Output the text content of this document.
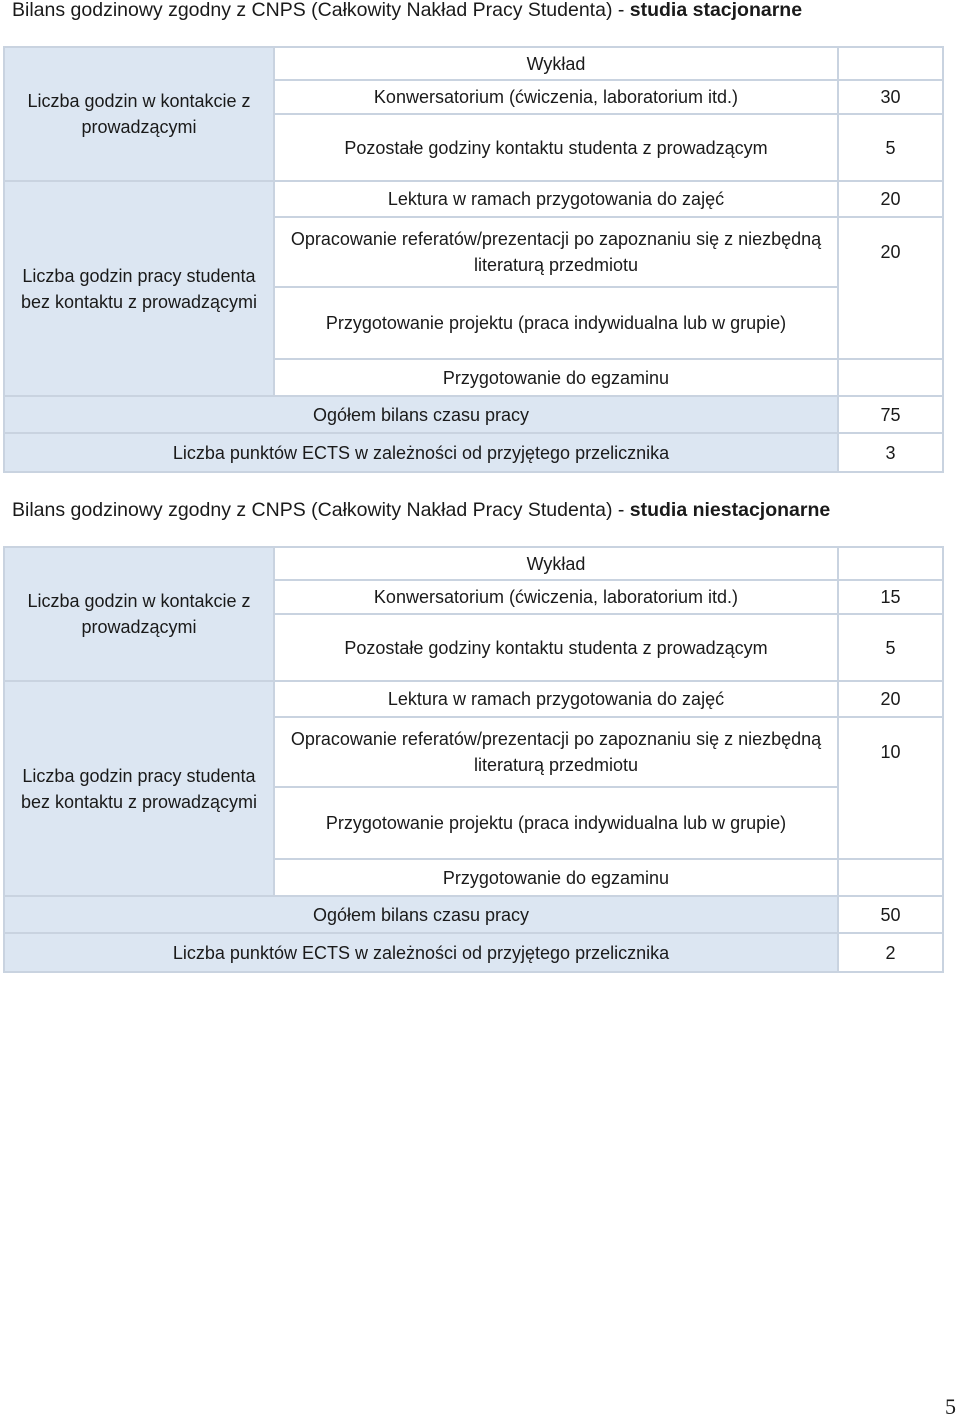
Bilans godzinowy zgodny z CNPS (Całkowity Nakład Pracy Studenta) - studia stacjonarne
Liczba godzin w kontakcie z prowadzącymi	Wykład	
	Konwersatorium (ćwiczenia, laboratorium itd.)	30
	Pozostałe godziny kontaktu studenta z prowadzącym	5
Liczba godzin pracy studenta bez kontaktu z prowadzącymi	Lektura w ramach przygotowania do zajęć	20
	Opracowanie referatów/prezentacji po zapoznaniu się z niezbędną literaturą przedmiotu	20
	Przygotowanie projektu (praca indywidualna lub w grupie)	
	Przygotowanie do egzaminu	
Ogółem bilans czasu pracy		75
Liczba punktów ECTS w zależności od przyjętego przelicznika		3
Bilans godzinowy zgodny z CNPS (Całkowity Nakład Pracy Studenta) - studia niestacjonarne
Liczba godzin w kontakcie z prowadzącymi	Wykład	
	Konwersatorium (ćwiczenia, laboratorium itd.)	15
	Pozostałe godziny kontaktu studenta z prowadzącym	5
Liczba godzin pracy studenta bez kontaktu z prowadzącymi	Lektura w ramach przygotowania do zajęć	20
	Opracowanie referatów/prezentacji po zapoznaniu się z niezbędną literaturą przedmiotu	10
	Przygotowanie projektu (praca indywidualna lub w grupie)	
	Przygotowanie do egzaminu	
Ogółem bilans czasu pracy		50
Liczba punktów ECTS w zależności od przyjętego przelicznika		2
5
